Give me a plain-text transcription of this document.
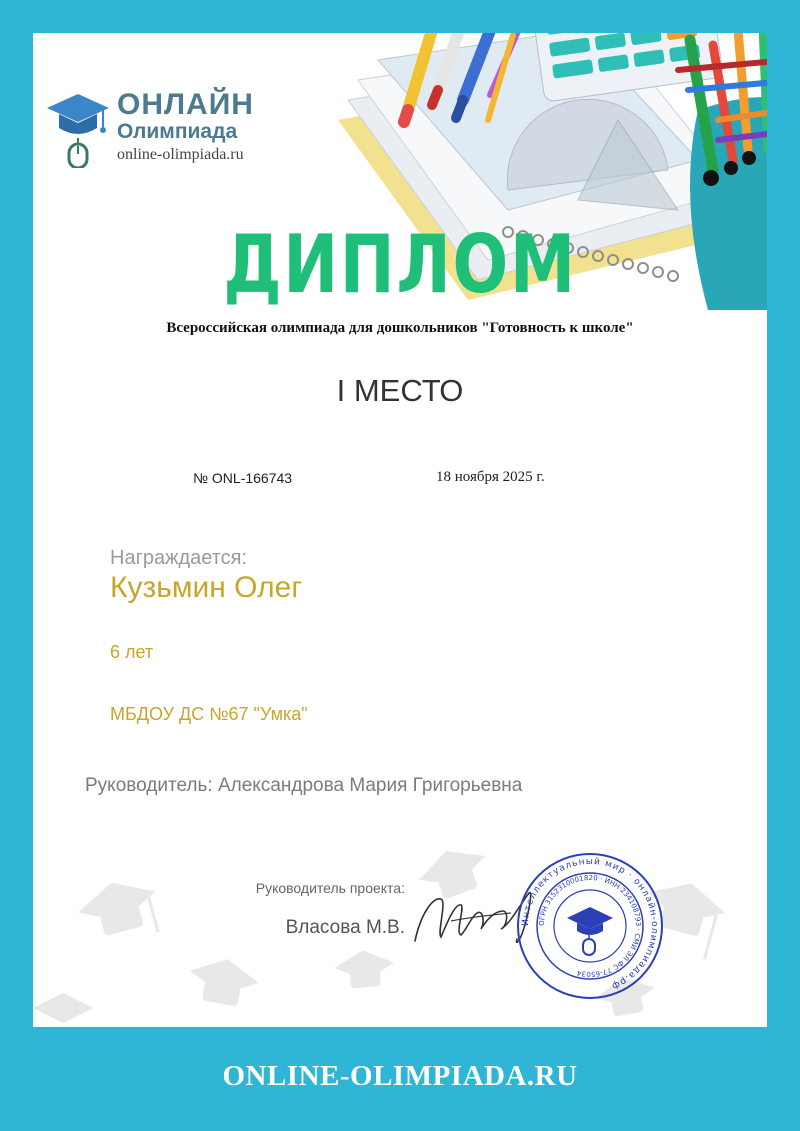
ОНЛАЙН
Олимпиада
online-olimpiada.ru
ДИПЛОМ
Всероссийская олимпиада для дошкольников "Готовность к школе"
I МЕСТО
№ ONL-166743	18 ноября 2025 г.
Награждается:
Кузьмин Олег
6 лет
МБДОУ ДС №67 "Умка"
Руководитель: Александрова Мария Григорьевна
Руководитель проекта:
Власова М.В.	Интеллектуальный мир · онлайн-олимпиада.рф
ОГРН 3152310001820 · ИНН 234108793 · СМИ ЭЛ ФС 77-65034
ONLINE-OLIMPIADA.RU
